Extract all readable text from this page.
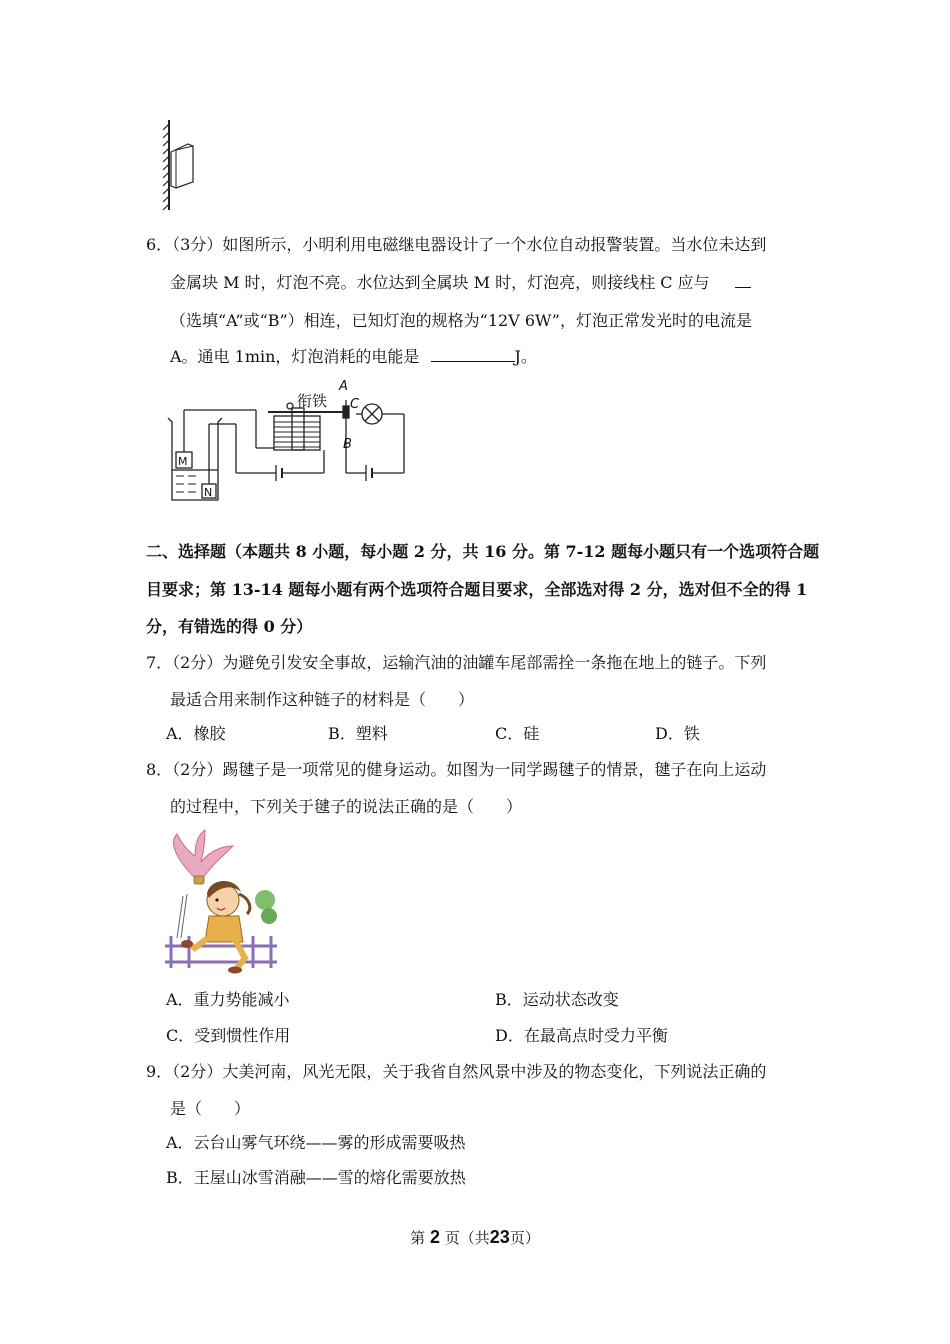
6．（3分）如图所示，小明利用电磁继电器设计了一个水位自动报警装置。当水位未达到
金属块 M 时，灯泡不亮。水位达到全属块 M 时，灯泡亮，则接线柱 C 应与
（选填“A”或“B”）相连，已知灯泡的规格为“12V 6W”，灯泡正常发光时的电流是
A。通电 1min，灯泡消耗的电能是	J。
衔铁
A
C
B
M
N
二、选择题（本题共 8 小题，每小题 2 分，共 16 分。第 7-12 题每小题只有一个选项符合题
目要求；第 13-14 题每小题有两个选项符合题目要求，全部选对得 2 分，选对但不全的得 1
分，有错选的得 0 分）
7．（2分）为避免引发安全事故，运输汽油的油罐车尾部需拴一条拖在地上的链子。下列
最适合用来制作这种链子的材料是（　　）
A．橡胶	B．塑料	C．硅	D．铁
8．（2分）踢毽子是一项常见的健身运动。如图为一同学踢毽子的情景，毽子在向上运动
的过程中，下列关于毽子的说法正确的是（　　）
A．重力势能减小	B．运动状态改变
C．受到惯性作用	D．在最高点时受力平衡
9．（2分）大美河南，风光无限，关于我省自然风景中涉及的物态变化，下列说法正确的
是（　　）
A．云台山雾气环绕——雾的形成需要吸热
B．王屋山冰雪消融——雪的熔化需要放热
第 2 页（共23页）
